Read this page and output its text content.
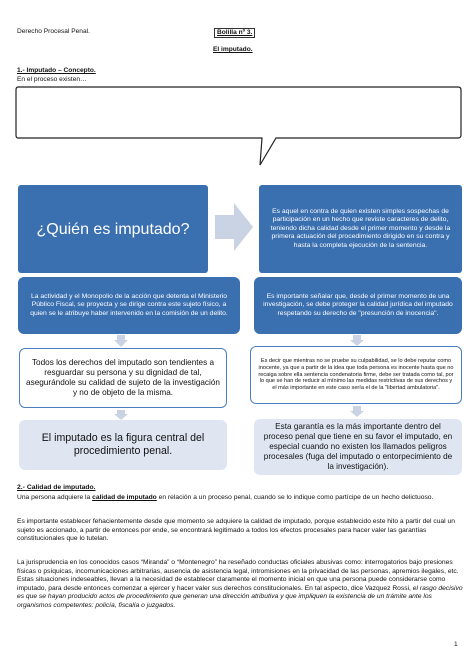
Derecho Procesal Penal.	Bolilla nº 3.
El imputado.
1.- Imputado – Concepto.
En el proceso existen…
¿Quién es imputado?
Es aquel en contra de quien existen simples sospechas de participación en un hecho que reviste caracteres de delito, teniendo dicha calidad desde el primer momento y desde la primera actuación del procedimiento dirigido en su contra y hasta la completa ejecución de la sentencia.
La actividad y el Monopolio de la acción que detenta el Ministerio Público Fiscal, se proyecta y se dirige contra este sujeto físico, a quien se le atribuye haber intervenido en la comisión de un delito.
Es importante señalar que, desde el primer momento de una investigación, se debe proteger la calidad jurídica del imputado respetando su derecho de "presunción de inocencia".
Todos los derechos del imputado son tendientes a resguardar su persona y su dignidad de tal, asegurándole su calidad de sujeto de la investigación y no de objeto de la misma.
Es decir que mientras no se pruebe su culpabilidad, se lo debe reputar como inocente, ya que a partir de la idea que toda persona es inocente hasta que no recaiga sobre ella sentencia condenatoria firme, debe ser tratada como tal, por lo que se han de reducir al mínimo las medidas restrictivas de sus derechos y el más importante en este caso sería el de la "libertad ambulatoria".
El imputado es la figura central del procedimiento penal.
Esta garantía es la más importante dentro del proceso penal que tiene en su favor el imputado, en especial cuando no existen los llamados peligros procesales (fuga del imputado o entorpecimiento de la investigación).
2.- Calidad de imputado.
Una persona adquiere la calidad de imputado en relación a un proceso penal, cuando se lo indique como partícipe de un hecho delictuoso.
Es importante establecer fehacientemente desde que momento se adquiere la calidad de imputado, porque establecido este hito a partir del cual un sujeto es accionado, a partir de entonces por ende, se encontrará legitimado a todos los efectos procesales para hacer valer las garantías constitucionales que lo tutelan.
La jurisprudencia en los conocidos casos “Miranda” o “Montenegro” ha reseñado conductas oficiales abusivas como: interrogatorios bajo presiones físicas o psíquicas, incomunicaciones arbitrarias, ausencia de asistencia legal, intromisiones en la privacidad de las personas, apremios ilegales, etc. Estas situaciones indeseables, llevan a la necesidad de establecer claramente el momento inicial en que una persona puede considerarse como imputado, para desde entonces comenzar a ejercer y hacer valer sus derechos constitucionales. En tal aspecto, dice Vazquez Rossi, el rasgo decisivo es que se hayan producido actos de procedimiento que generan una dirección atributiva y que impliquen la existencia de un trámite ante los organismos competentes: policía, fiscalía o juzgados.
1
